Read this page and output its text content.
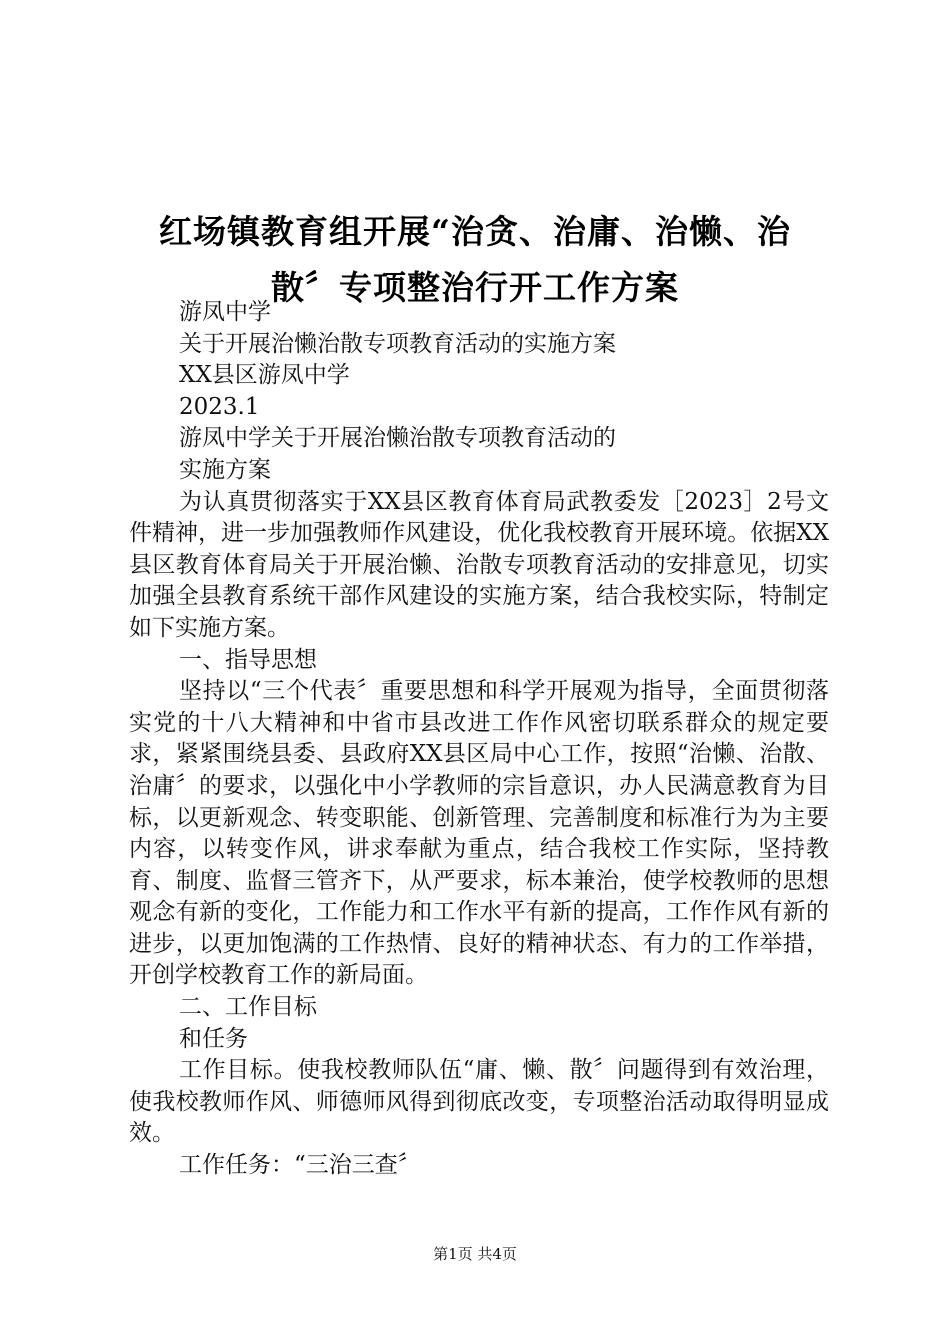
红场镇教育组开展“治贪、治庸、治懒、治
散〞专项整治行开工作方案

游凤中学

关于开展治懒治散专项教育活动的实施方案

XX县区游凤中学

2023.1

游凤中学关于开展治懒治散专项教育活动的

实施方案

为认真贯彻落实于XX县区教育体育局武教委发［2023］2号文件精神，进一步加强教师作风建设，优化我校教育开展环境。依据XX县区教育体育局关于开展治懒、治散专项教育活动的安排意见，切实加强全县教育系统干部作风建设的实施方案，结合我校实际，特制定如下实施方案。

一、指导思想

坚持以“三个代表〞重要思想和科学开展观为指导，全面贯彻落实党的十八大精神和中省市县改进工作作风密切联系群众的规定要求，紧紧围绕县委、县政府XX县区局中心工作，按照“治懒、治散、治庸〞的要求，以强化中小学教师的宗旨意识，办人民满意教育为目标，以更新观念、转变职能、创新管理、完善制度和标准行为为主要内容，以转变作风，讲求奉献为重点，结合我校工作实际，坚持教育、制度、监督三管齐下，从严要求，标本兼治，使学校教师的思想观念有新的变化，工作能力和工作水平有新的提高，工作作风有新的进步，以更加饱满的工作热情、良好的精神状态、有力的工作举措，开创学校教育工作的新局面。

二、工作目标

和任务

工作目标。使我校教师队伍“庸、懒、散〞问题得到有效治理，使我校教师作风、师德师风得到彻底改变，专项整治活动取得明显成效。

工作任务：“三治三查〞

第1页 共4页
